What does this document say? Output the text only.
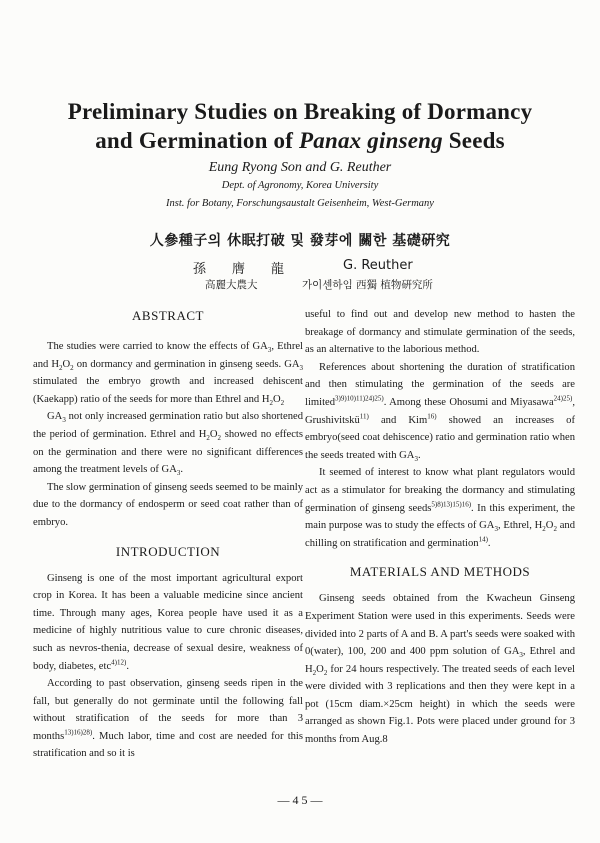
Preliminary Studies on Breaking of Dormancy
and Germination of Panax ginseng Seeds
Eung Ryong Son and G. Reuther
Dept. of Agronomy, Korea University
Inst. for Botany, Forschungsaustalt Geisenheim, West-Germany
人參種子의 休眠打破 및 發芽에 關한 基礎硏究
孫　　膺　　龍	G. Reuther
高麗大農大	가이센하임 西獨 植物硏究所
ABSTRACT

The studies were carried to know the effects of $GA_3$, Ethrel and $H_2O_2$ on dormancy and germination in ginseng seeds. $GA_3$ stimulated the embryo growth and increased dehiscent (Kaekapp) ratio of the seeds for more than Ethrel and $H_2O_2$

$GA_3$ not only increased germination ratio but also shortened the period of germination. Ethrel and $H_2O_2$ showed no effects on the germination and there were no significant differences among the treatment levels of $GA_3$.

The slow germination of ginseng seeds seemed to be mainly due to the dormancy of endosperm or seed coat rather than of embryo.

INTRODUCTION

Ginseng is one of the most important agricultural export crop in Korea. It has been a valuable medicine since ancient time. Through many ages, Korea people have used it as a medicine of highly nutritious value to cure chronic diseases, such as nevros-thenia, decrease of sexual desire, weakness of body, diabetes, etc$^{4)12)}$.

According to past observation, ginseng seeds ripen in the fall, but generally do not germinate until the following fall without stratification of the seeds for more than 3 months$^{13)16)28)}$. Much labor, time and cost are needed for this stratification and so it is

useful to find out and develop new method to hasten the breakage of dormancy and stimulate germination of the seeds, as an alternative to the laborious method.

References about shortening the duration of stratification and then stimulating the germination of the seeds are limited$^{3)9)10)11)24)25)}$. Among these Ohosumi and Miyasawa$^{24)25)}$, Grushivitskü$^{11)}$ and Kim$^{16)}$ showed an increases of embryo(seed coat dehiscence) ratio and germination ratio when the seeds treated with $GA_3$.

It seemed of interest to know what plant regulators would act as a stimulator for breaking the dormancy and stimulating germination of ginseng seeds$^{5)8)13)15)16)}$. In this experiment, the main purpose was to study the effects of $GA_3$, Ethrel, $H_2O_2$ and chilling on stratification and germination$^{14)}$.

MATERIALS AND METHODS

Ginseng seeds obtained from the Kwacheun Ginseng Experiment Station were used in this experiments. Seeds were divided into 2 parts of A and B. A part's seeds were soaked with 0(water), 100, 200 and 400 ppm solution of $GA_3$, Ethrel and $H_2O_2$ for 24 hours respectively. The treated seeds of each level were divided with 3 replications and then they were kept in a pot (15cm diam.×25cm height) in which the seeds were arranged as shown Fig.1. Pots were placed under ground for 3 months from Aug.8

— 4 5 —
